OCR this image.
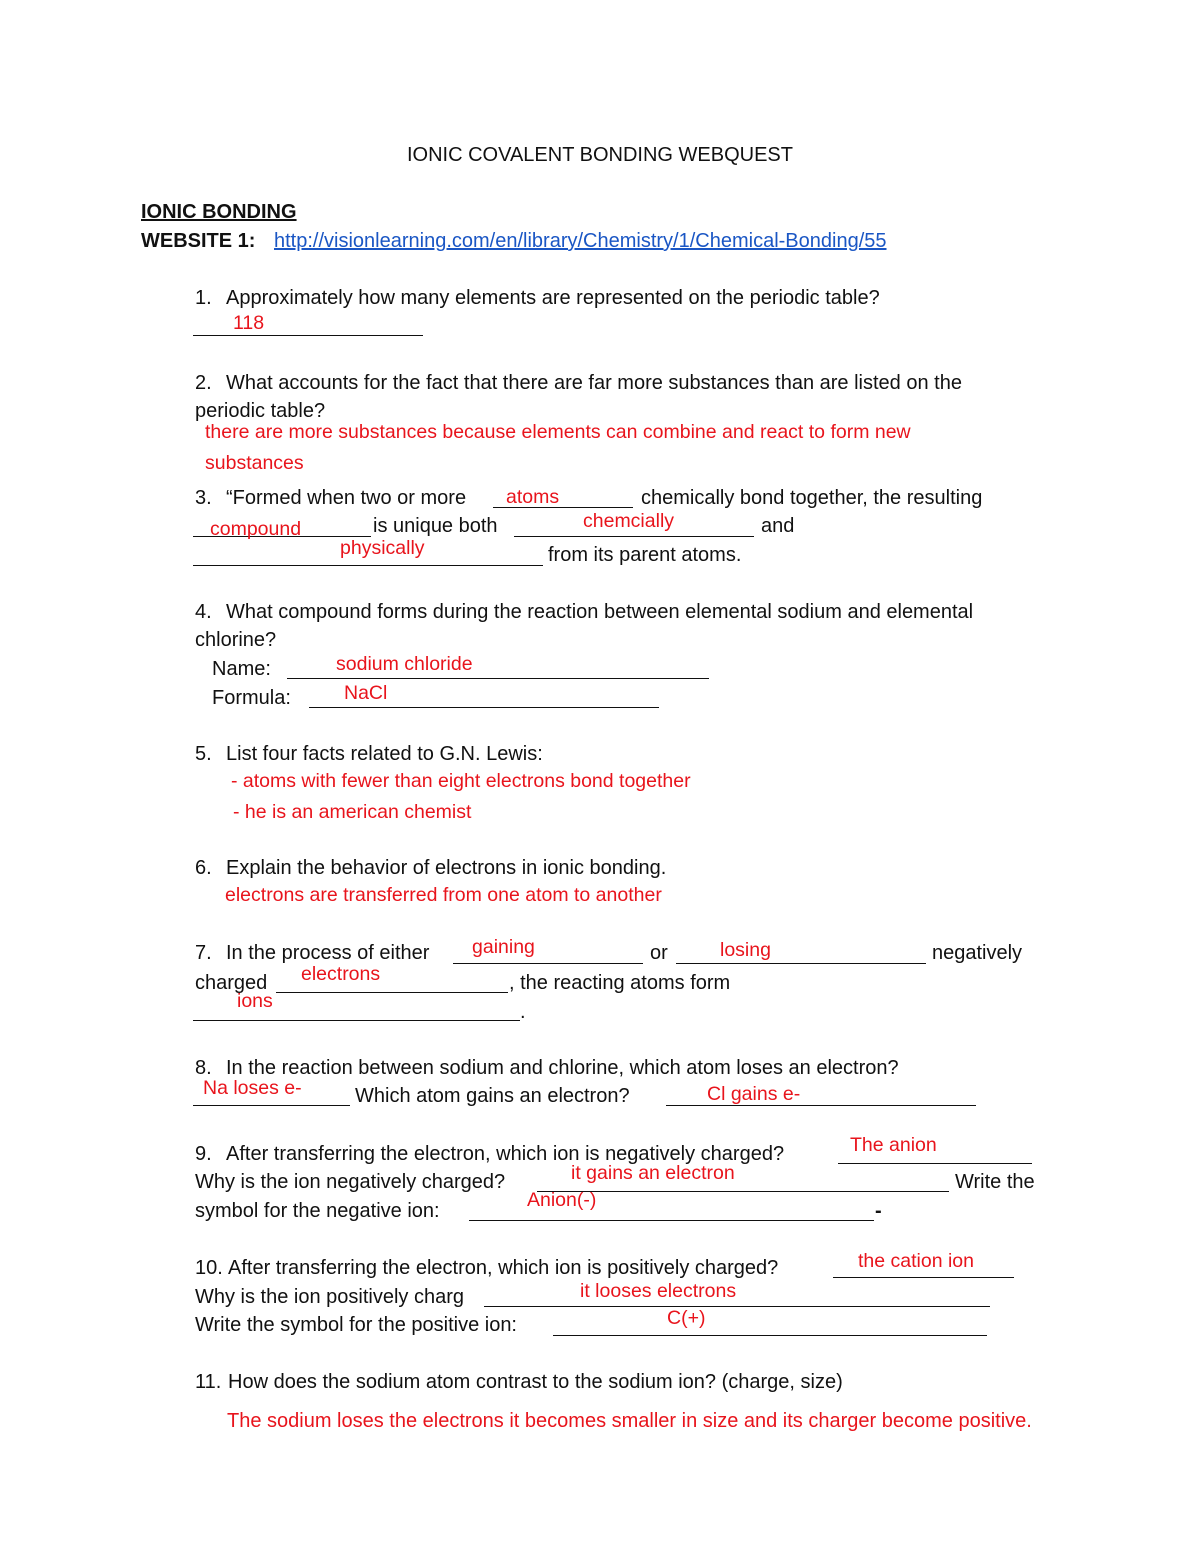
IONIC COVALENT BONDING WEBQUEST
IONIC BONDING
WEBSITE 1: http://visionlearning.com/en/library/Chemistry/1/Chemical-Bonding/55
1. Approximately how many elements are represented on the periodic table?
118
2. What accounts for the fact that there are far more substances than are listed on the
periodic table?
there are more substances because elements can combine and react to form new
substances
3. “Formed when two or more atoms	chemically bond together, the resulting
compound	is unique both	chemcially	and
physically	from its parent atoms.
4. What compound forms during the reaction between elemental sodium and elemental
chlorine?
Name:	sodium chloride
Formula:	NaCl
5. List four facts related to G.N. Lewis:
- atoms with fewer than eight electrons bond together
- he is an american chemist
6. Explain the behavior of electrons in ionic bonding.
electrons are transferred from one atom to another
7. In the process of either gaining	or	losing	negatively
charged electrons	, the reacting atoms form
ions	.
8. In the reaction between sodium and chlorine, which atom loses an electron?
Na loses e-	Which atom gains an electron?	Cl gains e-
9. After transferring the electron, which ion is negatively charged?	The anion
Why is the ion negatively charged?	it gains an electron	Write the
symbol for the negative ion:	Anion(-)	-
10. After transferring the electron, which ion is positively charged?	the cation ion
Why is the ion positively charg	it looses electrons
Write the symbol for the positive ion:	C(+)
11. How does the sodium atom contrast to the sodium ion? (charge, size)
The sodium loses the electrons it becomes smaller in size and its charger become positive.
